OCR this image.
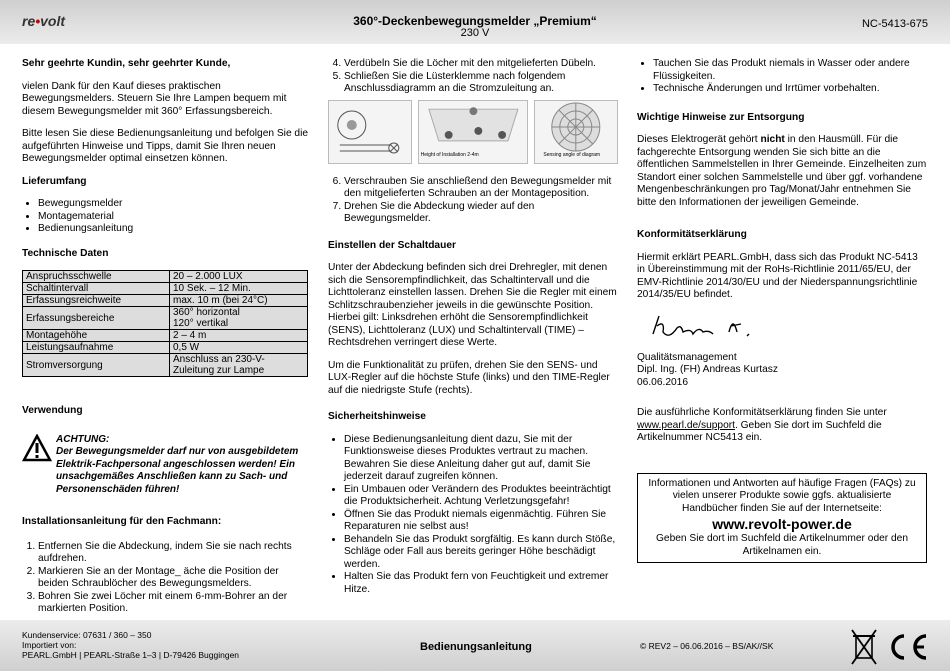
re•volt	360°-Deckenbewegungsmelder „Premium“
230 V
NC-5413-675

Sehr geehrte Kundin, sehr geehrter Kunde,

vielen Dank für den Kauf dieses praktischen Bewegungsmelders. Steuern Sie Ihre Lampen bequem mit diesem Bewegungsmelder mit 360° Erfassungsbereich.

Bitte lesen Sie diese Bedienungsanleitung und befolgen Sie die aufgeführten Hinweise und Tipps, damit Sie Ihren neuen Bewegungsmelder optimal einsetzen können.

Lieferumfang

• Bewegungsmelder
• Montagematerial
• Bedienungsanleitung

Technische Daten

Anspruchsschwelle	20 – 2.000 LUX
Schaltintervall	10 Sek. – 12 Min.
Erfassungsreichweite	max. 10 m (bei 24°C)
Erfassungsbereiche	360° horizontal
120° vertikal
Montagehöhe	2 – 4 m
Leistungsaufnahme	0,5 W
Stromversorgung	Anschluss an 230-V-
Zuleitung zur Lampe

Verwendung

ACHTUNG:
Der Bewegungsmelder darf nur von ausgebildetem Elektrik-Fachpersonal angeschlossen werden! Ein unsachgemäßes Anschließen kann zu Sach- und Personenschäden führen!

Installationsanleitung für den Fachmann:

1. Entfernen Sie die Abdeckung, indem Sie sie nach rechts aufdrehen.
2. Markieren Sie an der Montage_ äche die Position der beiden Schraublöcher des Bewegungsmelders.
3. Bohren Sie zwei Löcher mit einem 6-mm-Bohrer an der markierten Position.
4. Verdübeln Sie die Löcher mit den mitgelieferten Dübeln.
5. Schließen Sie die Lüsterklemme nach folgendem Anschlussdiagramm an die Stromzuleitung an.
Height of Installation 2-4m	Sensing angle of diagram
6. Verschrauben Sie anschließend den Bewegungsmelder mit den mitgelieferten Schrauben an der Montageposition.
7. Drehen Sie die Abdeckung wieder auf den Bewegungsmelder.

Einstellen der Schaltdauer

Unter der Abdeckung befinden sich drei Drehregler, mit denen sich die Sensorempfindlichkeit, das Schaltintervall und die Lichttoleranz einstellen lassen. Drehen Sie die Regler mit einem Schlitzschraubenzieher jeweils in die gewünschte Position. Hierbei gilt: Linksdrehen erhöht die Sensorempfindlichkeit (SENS), Lichttoleranz (LUX) und Schaltintervall (TIME) – Rechtsdrehen verringert diese Werte.

Um die Funktionalität zu prüfen, drehen Sie den SENS- und LUX-Regler auf die höchste Stufe (links) und den TIME-Regler auf die niedrigste Stufe (rechts).

Sicherheitshinweise

• Diese Bedienungsanleitung dient dazu, Sie mit der Funktionsweise dieses Produktes vertraut zu machen. Bewahren Sie diese Anleitung daher gut auf, damit Sie jederzeit darauf zugreifen können.
• Ein Umbauen oder Verändern des Produktes beeinträchtigt die Produktsicherheit. Achtung Verletzungsgefahr!
• Öffnen Sie das Produkt niemals eigenmächtig. Führen Sie Reparaturen nie selbst aus!
• Behandeln Sie das Produkt sorgfältig. Es kann durch Stöße, Schläge oder Fall aus bereits geringer Höhe beschädigt werden.
• Halten Sie das Produkt fern von Feuchtigkeit und extremer Hitze.
• Tauchen Sie das Produkt niemals in Wasser oder andere Flüssigkeiten.
• Technische Änderungen und Irrtümer vorbehalten.

Wichtige Hinweise zur Entsorgung

Dieses Elektrogerät gehört nicht in den Hausmüll. Für die fachgerechte Entsorgung wenden Sie sich bitte an die öffentlichen Sammelstellen in Ihrer Gemeinde. Einzelheiten zum Standort einer solchen Sammelstelle und über ggf. vorhandene Mengenbeschränkungen pro Tag/Monat/Jahr entnehmen Sie bitte den Informationen der jeweiligen Gemeinde.

Konformitätserklärung

Hiermit erklärt PEARL.GmbH, dass sich das Produkt NC-5413 in Übereinstimmung mit der RoHs-Richtlinie 2011/65/EU, der EMV-Richtlinie 2014/30/EU und der Niederspannungsrichtlinie 2014/35/EU befindet.

Qualitätsmanagement
Dipl. Ing. (FH) Andreas Kurtasz
06.06.2016

Die ausführliche Konformitätserklärung finden Sie unter www.pearl.de/support. Geben Sie dort im Suchfeld die Artikelnummer NC5413 ein.

Informationen und Antworten auf häufige Fragen (FAQs) zu vielen unserer Produkte sowie ggfs. aktualisierte Handbücher finden Sie auf der Internetseite:
www.revolt-power.de
Geben Sie dort im Suchfeld die Artikelnummer oder den Artikelnamen ein.
Kundenservice: 07631 / 360 – 350
Importiert von:
PEARL.GmbH | PEARL-Straße 1–3 | D-79426 Buggingen
Bedienungsanleitung	© REV2 – 06.06.2016 – BS/AK//SK
